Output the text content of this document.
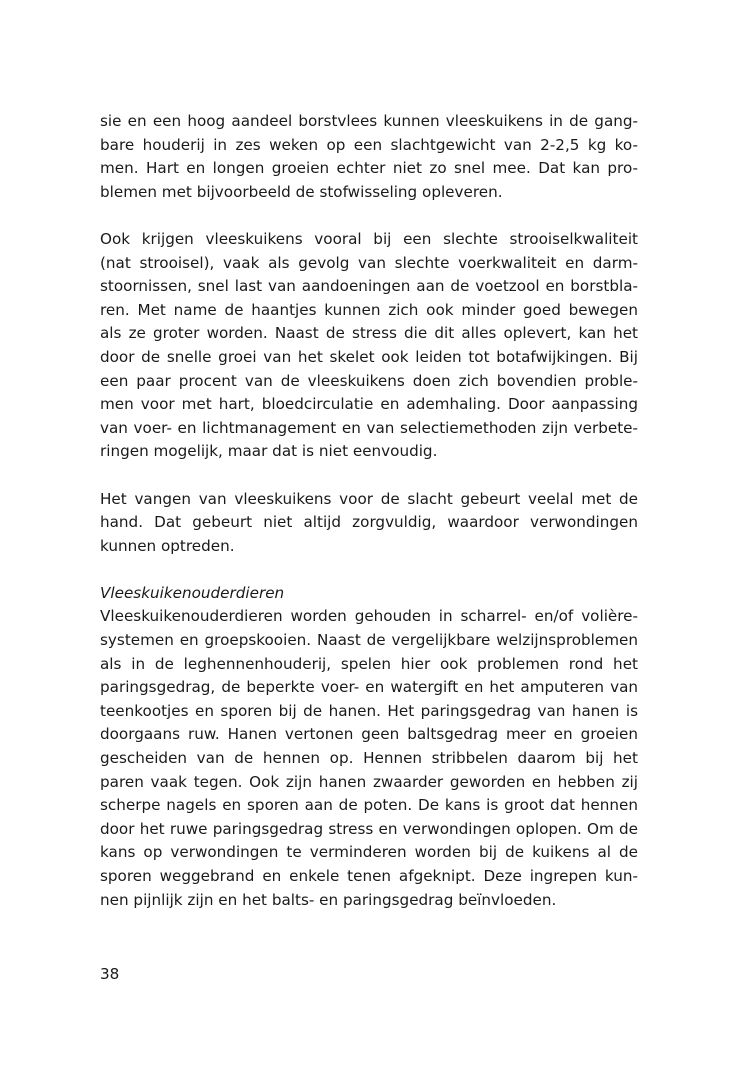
sie en een hoog aandeel borstvlees kunnen vleeskuikens in de gang-
bare houderij in zes weken op een slachtgewicht van 2-2,5 kg ko-
men. Hart en longen groeien echter niet zo snel mee. Dat kan pro-
blemen met bijvoorbeeld de stofwisseling opleveren.
Ook krijgen vleeskuikens vooral bij een slechte strooiselkwaliteit
(nat strooisel), vaak als gevolg van slechte voerkwaliteit en darm-
stoornissen, snel last van aandoeningen aan de voetzool en borstbla-
ren. Met name de haantjes kunnen zich ook minder goed bewegen
als ze groter worden. Naast de stress die dit alles oplevert, kan het
door de snelle groei van het skelet ook leiden tot botafwijkingen. Bij
een paar procent van de vleeskuikens doen zich bovendien proble-
men voor met hart, bloedcirculatie en ademhaling. Door aanpassing
van voer- en lichtmanagement en van selectiemethoden zijn verbete-
ringen mogelijk, maar dat is niet eenvoudig.
Het vangen van vleeskuikens voor de slacht gebeurt veelal met de
hand. Dat gebeurt niet altijd zorgvuldig, waardoor verwondingen
kunnen optreden.
Vleeskuikenouderdieren
Vleeskuikenouderdieren worden gehouden in scharrel- en/of volière-
systemen en groepskooien. Naast de vergelijkbare welzijnsproblemen
als in de leghennenhouderij, spelen hier ook problemen rond het
paringsgedrag, de beperkte voer- en watergift en het amputeren van
teenkootjes en sporen bij de hanen. Het paringsgedrag van hanen is
doorgaans ruw. Hanen vertonen geen baltsgedrag meer en groeien
gescheiden van de hennen op. Hennen stribbelen daarom bij het
paren vaak tegen. Ook zijn hanen zwaarder geworden en hebben zij
scherpe nagels en sporen aan de poten. De kans is groot dat hennen
door het ruwe paringsgedrag stress en verwondingen oplopen. Om de
kans op verwondingen te verminderen worden bij de kuikens al de
sporen weggebrand en enkele tenen afgeknipt. Deze ingrepen kun-
nen pijnlijk zijn en het balts- en paringsgedrag beïnvloeden.
38
